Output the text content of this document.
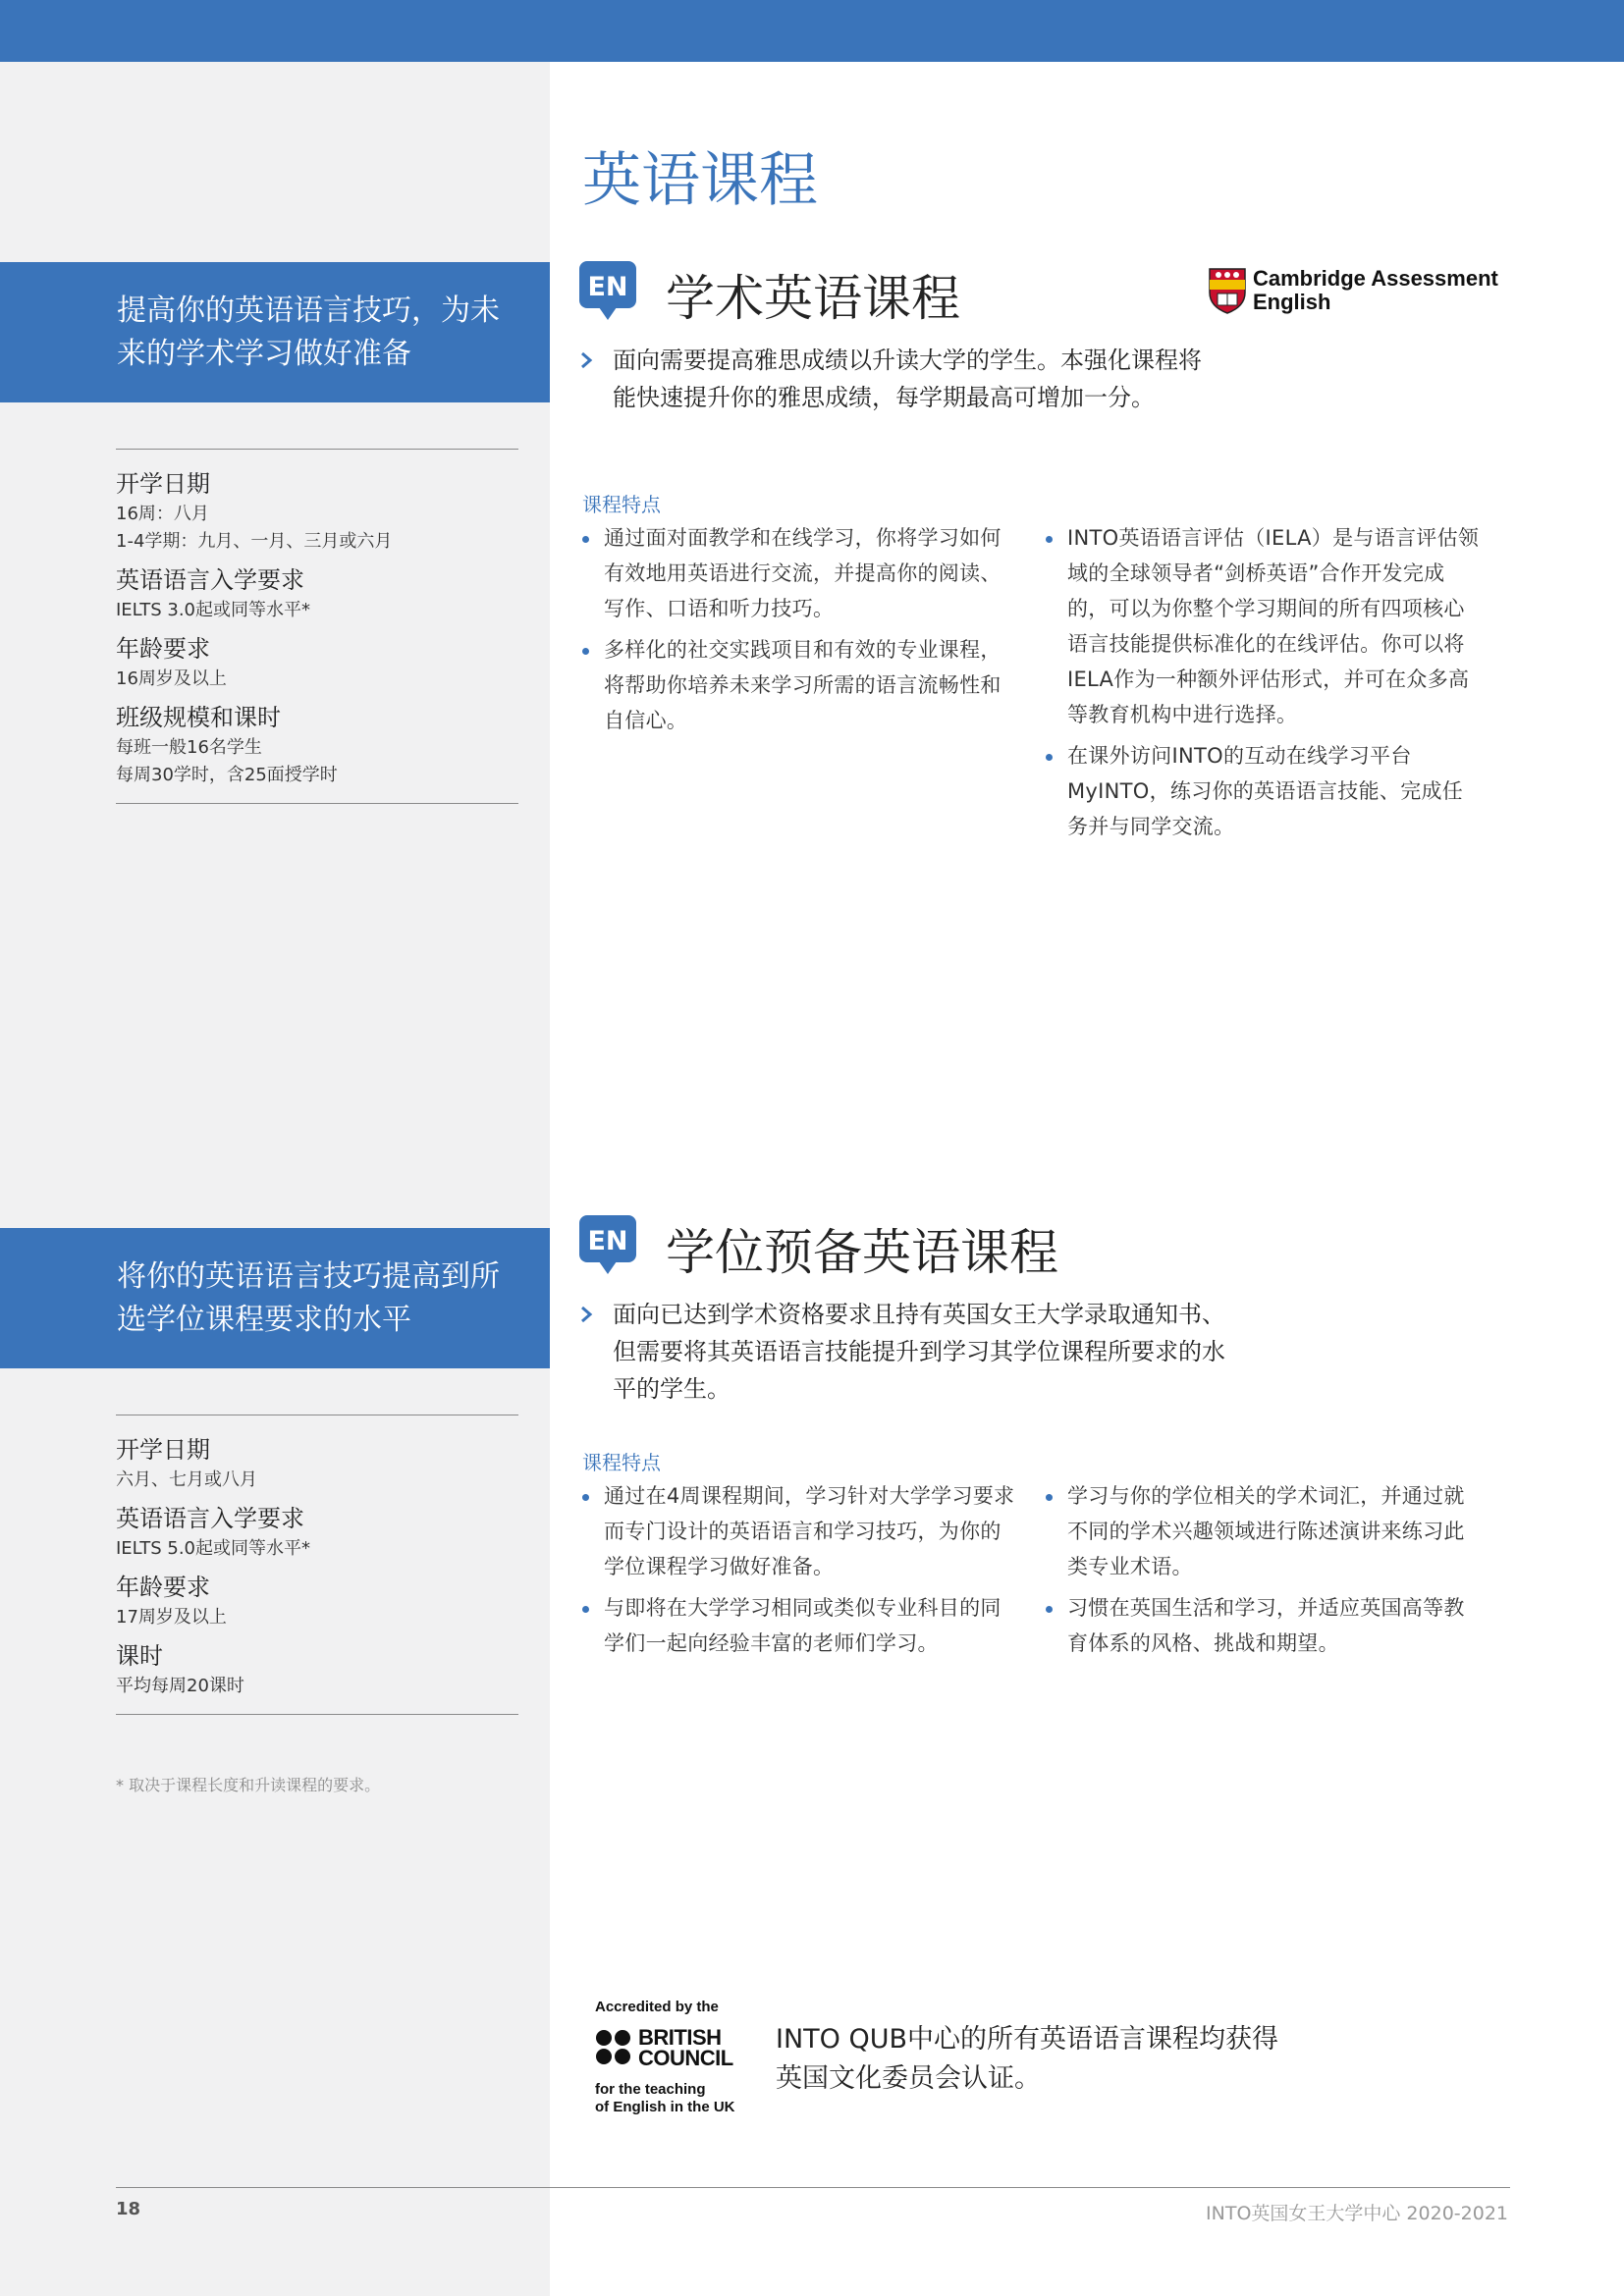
英语课程
提高你的英语语言技巧，为未来的学术学习做好准备
开学日期
16周：八月
1-4学期：九月、一月、三月或六月
英语语言入学要求
IELTS 3.0起或同等水平*
年龄要求
16周岁及以上
班级规模和课时
每班一般16名学生
每周30学时，含25面授学时
EN 学术英语课程	Cambridge Assessment
English

面向需要提高雅思成绩以升读大学的学生。本强化课程将能快速提升你的雅思成绩，每学期最高可增加一分。

课程特点
通过面对面教学和在线学习，你将学习如何有效地用英语进行交流，并提高你的阅读、写作、口语和听力技巧。
多样化的社交实践项目和有效的专业课程，将帮助你培养未来学习所需的语言流畅性和自信心。
INTO英语语言评估（IELA）是与语言评估领域的全球领导者“剑桥英语”合作开发完成的，可以为你整个学习期间的所有四项核心语言技能提供标准化的在线评估。你可以将IELA作为一种额外评估形式，并可在众多高等教育机构中进行选择。
在课外访问INTO的互动在线学习平台MyINTO，练习你的英语语言技能、完成任务并与同学交流。
将你的英语语言技巧提高到所选学位课程要求的水平
开学日期
六月、七月或八月
英语语言入学要求
IELTS 5.0起或同等水平*
年龄要求
17周岁及以上
课时
平均每周20课时
* 取决于课程长度和升读课程的要求。
EN 学位预备英语课程

面向已达到学术资格要求且持有英国女王大学录取通知书、但需要将其英语语言技能提升到学习其学位课程所要求的水平的学生。

课程特点
通过在4周课程期间，学习针对大学学习要求而专门设计的英语语言和学习技巧，为你的学位课程学习做好准备。
与即将在大学学习相同或类似专业科目的同学们一起向经验丰富的老师们学习。
学习与你的学位相关的学术词汇，并通过就不同的学术兴趣领域进行陈述演讲来练习此类专业术语。
习惯在英国生活和学习，并适应英国高等教育体系的风格、挑战和期望。
Accredited by the
BRITISH
COUNCIL
for the teaching
of English in the UK
INTO QUB中心的所有英语语言课程均获得
英国文化委员会认证。
18	INTO英国女王大学中心 2020-2021
